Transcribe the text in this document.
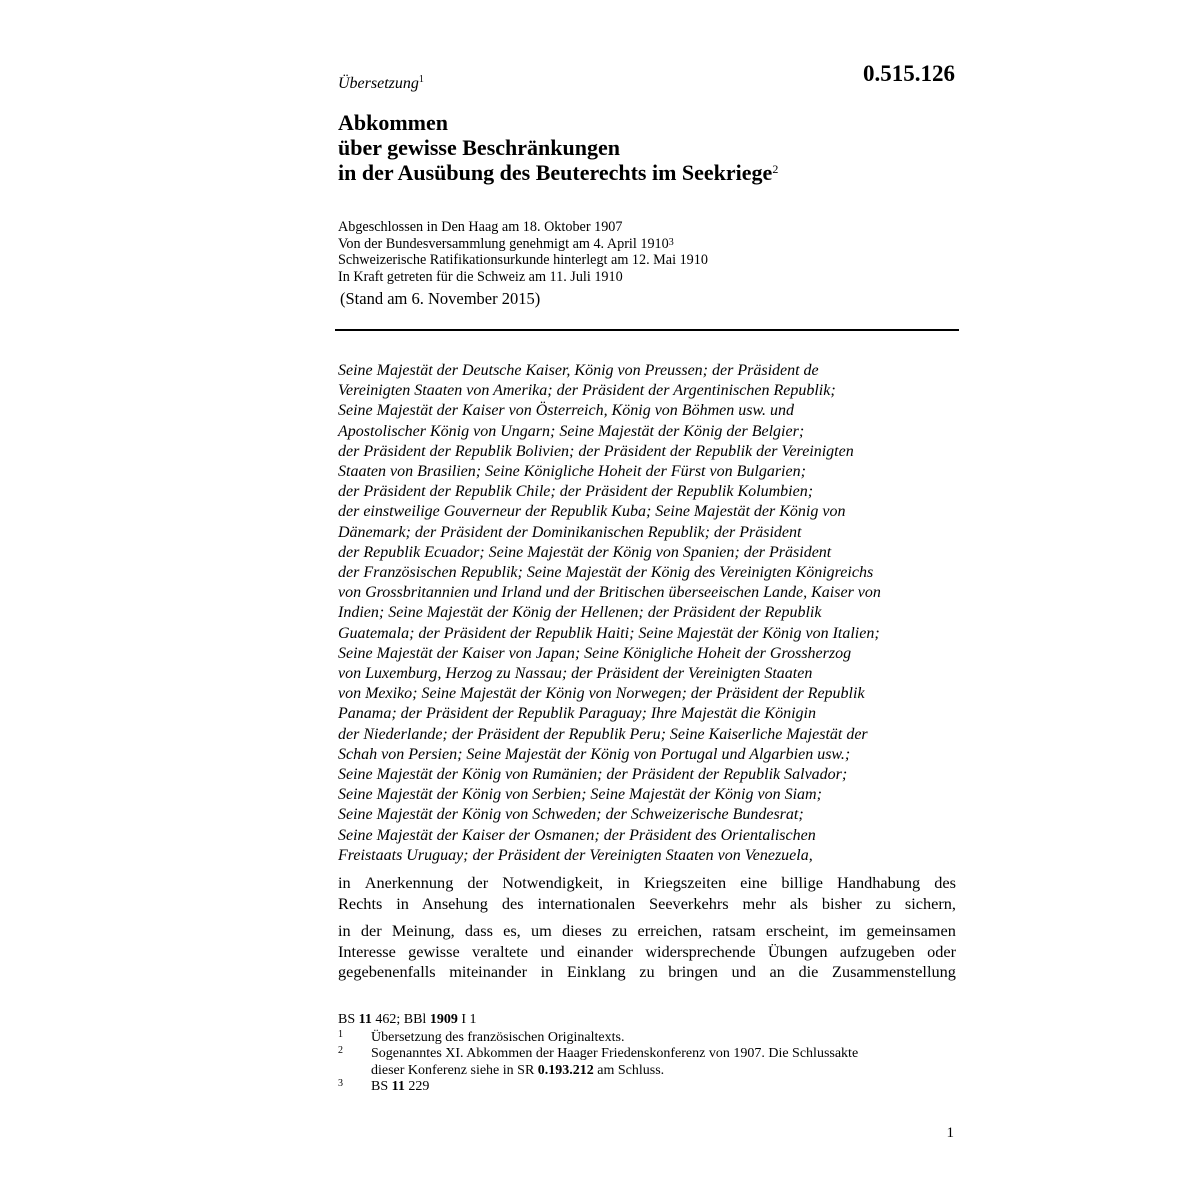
Übersetzung$^1$	0.515.126
Abkommen
über gewisse Beschränkungen
in der Ausübung des Beuterechts im Seekriege$^2$
Abgeschlossen in Den Haag am 18. Oktober 1907
Von der Bundesversammlung genehmigt am 4. April 1910$^3$
Schweizerische Ratifikationsurkunde hinterlegt am 12. Mai 1910
In Kraft getreten für die Schweiz am 11. Juli 1910
(Stand am 6. November 2015)
Seine Majestät der Deutsche Kaiser, König von Preussen; der Präsident de
Vereinigten Staaten von Amerika; der Präsident der Argentinischen Republik;
Seine Majestät der Kaiser von Österreich, König von Böhmen usw. und
Apostolischer König von Ungarn; Seine Majestät der König der Belgier;
der Präsident der Republik Bolivien; der Präsident der Republik der Vereinigten
Staaten von Brasilien; Seine Königliche Hoheit der Fürst von Bulgarien;
der Präsident der Republik Chile; der Präsident der Republik Kolumbien;
der einstweilige Gouverneur der Republik Kuba; Seine Majestät der König von
Dänemark; der Präsident der Dominikanischen Republik; der Präsident
der Republik Ecuador; Seine Majestät der König von Spanien; der Präsident
der Französischen Republik; Seine Majestät der König des Vereinigten Königreichs
von Grossbritannien und Irland und der Britischen überseeischen Lande, Kaiser von
Indien; Seine Majestät der König der Hellenen; der Präsident der Republik
Guatemala; der Präsident der Republik Haiti; Seine Majestät der König von Italien;
Seine Majestät der Kaiser von Japan; Seine Königliche Hoheit der Grossherzog
von Luxemburg, Herzog zu Nassau; der Präsident der Vereinigten Staaten
von Mexiko; Seine Majestät der König von Norwegen; der Präsident der Republik
Panama; der Präsident der Republik Paraguay; Ihre Majestät die Königin
der Niederlande; der Präsident der Republik Peru; Seine Kaiserliche Majestät der
Schah von Persien; Seine Majestät der König von Portugal und Algarbien usw.;
Seine Majestät der König von Rumänien; der Präsident der Republik Salvador;
Seine Majestät der König von Serbien; Seine Majestät der König von Siam;
Seine Majestät der König von Schweden; der Schweizerische Bundesrat;
Seine Majestät der Kaiser der Osmanen; der Präsident des Orientalischen
Freistaats Uruguay; der Präsident der Vereinigten Staaten von Venezuela,
in Anerkennung der Notwendigkeit, in Kriegszeiten eine billige Handhabung des
Rechts in Ansehung des internationalen Seeverkehrs mehr als bisher zu sichern,
in der Meinung, dass es, um dieses zu erreichen, ratsam erscheint, im gemeinsamen
Interesse gewisse veraltete und einander widersprechende Übungen aufzugeben oder
gegebenenfalls miteinander in Einklang zu bringen und an die Zusammenstellung
BS 11 462; BBl 1909 I 1
1	Übersetzung des französischen Originaltexts.
2	Sogenanntes XI. Abkommen der Haager Friedenskonferenz von 1907. Die Schlussakte
dieser Konferenz siehe in SR 0.193.212 am Schluss.
3	BS 11 229
1
